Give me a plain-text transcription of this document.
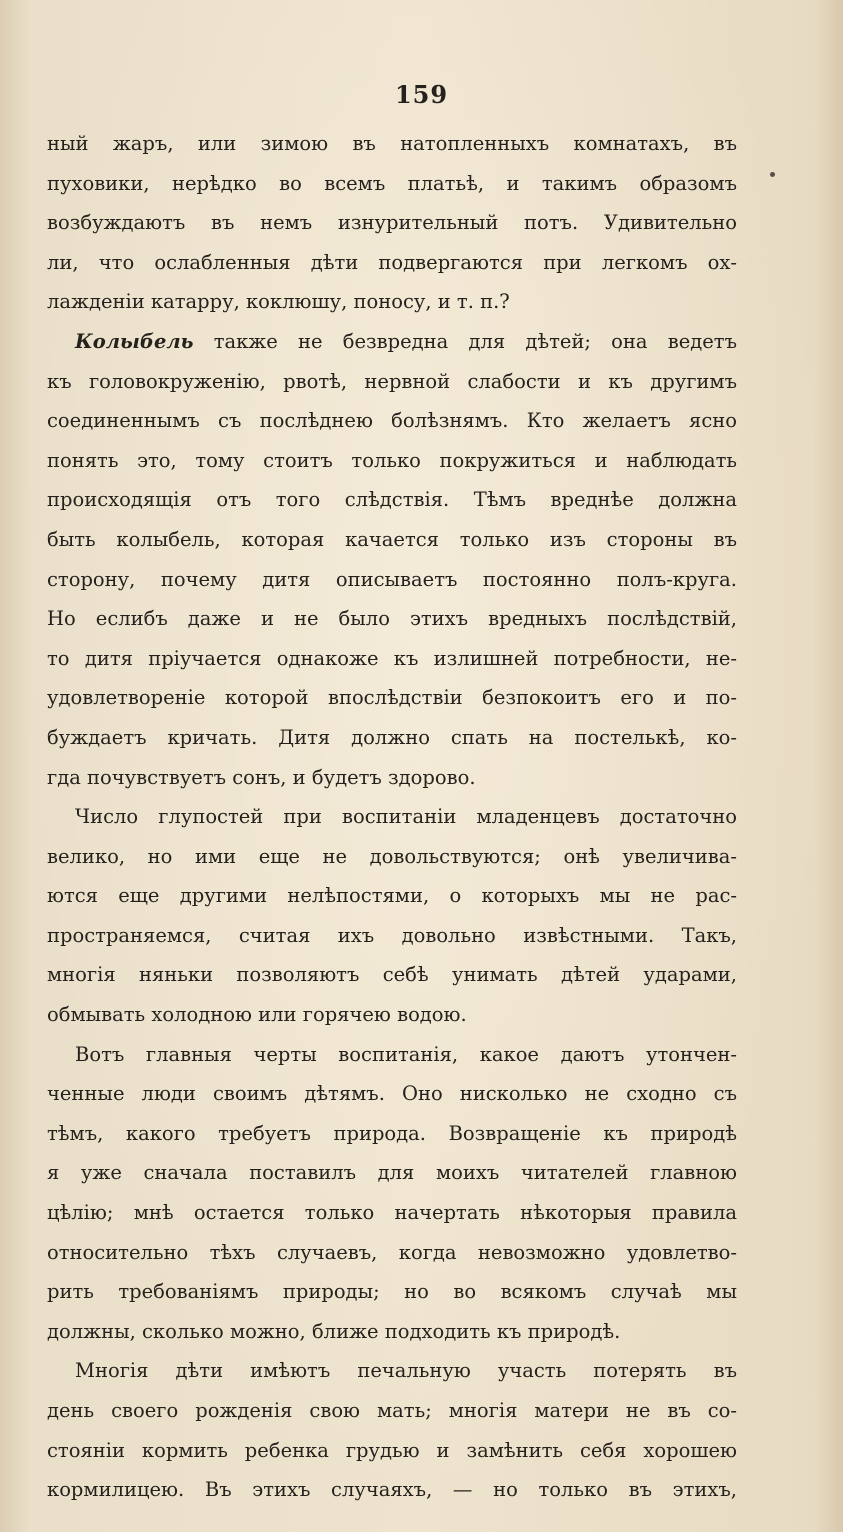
159
ный жаръ, или зимою въ натопленныхъ комнатахъ, въ
пуховики, нерѣдко во всемъ платьѣ, и такимъ образомъ
возбуждаютъ въ немъ изнурительный потъ. Удивительно
ли, что ослабленныя дѣти подвергаются при легкомъ ох-
лажденіи катарру, коклюшу, поносу, и т. п.?
Колыбель также не безвредна для дѣтей; она ведетъ
къ головокруженію, рвотѣ, нервной слабости и къ другимъ
соединеннымъ съ послѣднею болѣзнямъ. Кто желаетъ ясно
понять это, тому стоитъ только покружиться и наблюдать
происходящія отъ того слѣдствія. Тѣмъ вреднѣе должна
быть колыбель, которая качается только изъ стороны въ
сторону, почему дитя описываетъ постоянно полъ-круга.
Но еслибъ даже и не было этихъ вредныхъ послѣдствій,
то дитя пріучается однакоже къ излишней потребности, не-
удовлетвореніе которой впослѣдствіи безпокоитъ его и по-
буждаетъ кричать. Дитя должно спать на постелькѣ, ко-
гда почувствуетъ сонъ, и будетъ здорово.
Число глупостей при воспитаніи младенцевъ достаточно
велико, но ими еще не довольствуются; онѣ увеличива-
ются еще другими нелѣпостями, о которыхъ мы не рас-
пространяемся, считая ихъ довольно извѣстными. Такъ,
многія няньки позволяютъ себѣ унимать дѣтей ударами,
обмывать холодною или горячею водою.
Вотъ главныя черты воспитанія, какое даютъ утончен-
ченные люди своимъ дѣтямъ. Оно нисколько не сходно съ
тѣмъ, какого требуетъ природа. Возвращеніе къ природѣ
я уже сначала поставилъ для моихъ читателей главною
цѣлію; мнѣ остается только начертать нѣкоторыя правила
относительно тѣхъ случаевъ, когда невозможно удовлетво-
рить требованіямъ природы; но во всякомъ случаѣ мы
должны, сколько можно, ближе подходить къ природѣ.
Многія дѣти имѣютъ печальную участь потерять въ
день своего рожденія свою мать; многія матери не въ со-
стояніи кормить ребенка грудью и замѣнить себя хорошею
кормилицею. Въ этихъ случаяхъ, — но только въ этихъ,
